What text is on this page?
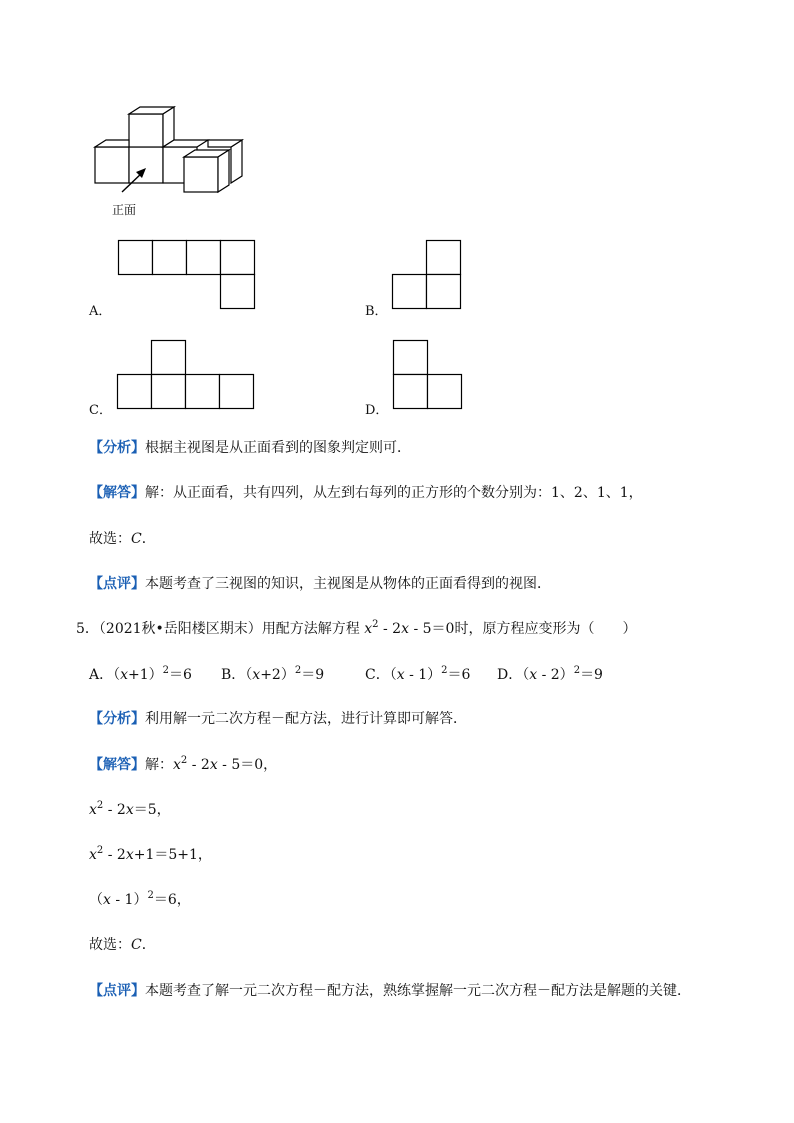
正面
A．	B．
C．	D．
【分析】根据主视图是从正面看到的图象判定则可．
【解答】解：从正面看，共有四列，从左到右每列的正方形的个数分别为：1、2、1、1，
故选：C．
【点评】本题考查了三视图的知识，主视图是从物体的正面看得到的视图．
5．（2021秋•岳阳楼区期末）用配方法解方程 $x^2 - 2x - 5=0$时，原方程应变形为（　　）
A．$(x+1)^2=6$ B．$(x+2)^2=9$	C．（x - 1）$^2$＝6 D．（x - 2）$^2$＝9
【分析】利用解一元二次方程－配方法，进行计算即可解答．
【解答】解：$x^2 - 2x - 5=0$，
$x^2 - 2x=5$，
$x^2 - 2x+1=5+1$，
（x - 1）$^2$＝6，
故选：C．
【点评】本题考查了解一元二次方程－配方法，熟练掌握解一元二次方程－配方法是解题的关键．
